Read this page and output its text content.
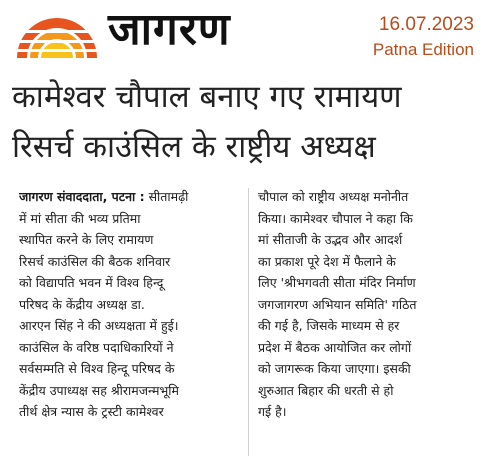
जागरण	16.07.2023
Patna Edition
कामेश्वर चौपाल बनाए गए रामायण
रिसर्च काउंसिल के राष्ट्रीय अध्यक्ष
जागरण संवाददाता, पटना : सीतामढ़ी
में मां सीता की भव्य प्रतिमा
स्थापित करने के लिए रामायण
रिसर्च काउंसिल की बैठक शनिवार
को विद्यापति भवन में विश्व हिन्दू
परिषद के केंद्रीय अध्यक्ष डा.
आरएन सिंह ने की अध्यक्षता में हुई।
काउंसिल के वरिष्ठ पदाधिकारियों ने
सर्वसम्मति से विश्व हिन्दू परिषद के
केंद्रीय उपाध्यक्ष सह श्रीरामजन्मभूमि
तीर्थ क्षेत्र न्यास के ट्रस्टी कामेश्वर
चौपाल को राष्ट्रीय अध्यक्ष मनोनीत
किया। कामेश्वर चौपाल ने कहा कि
मां सीताजी के उद्भव और आदर्श
का प्रकाश पूरे देश में फैलाने के
लिए 'श्रीभगवती सीता मंदिर निर्माण
जगजागरण अभियान समिति' गठित
की गई है, जिसके माध्यम से हर
प्रदेश में बैठक आयोजित कर लोगों
को जागरूक किया जाएगा। इसकी
शुरुआत बिहार की धरती से हो
गई है।
